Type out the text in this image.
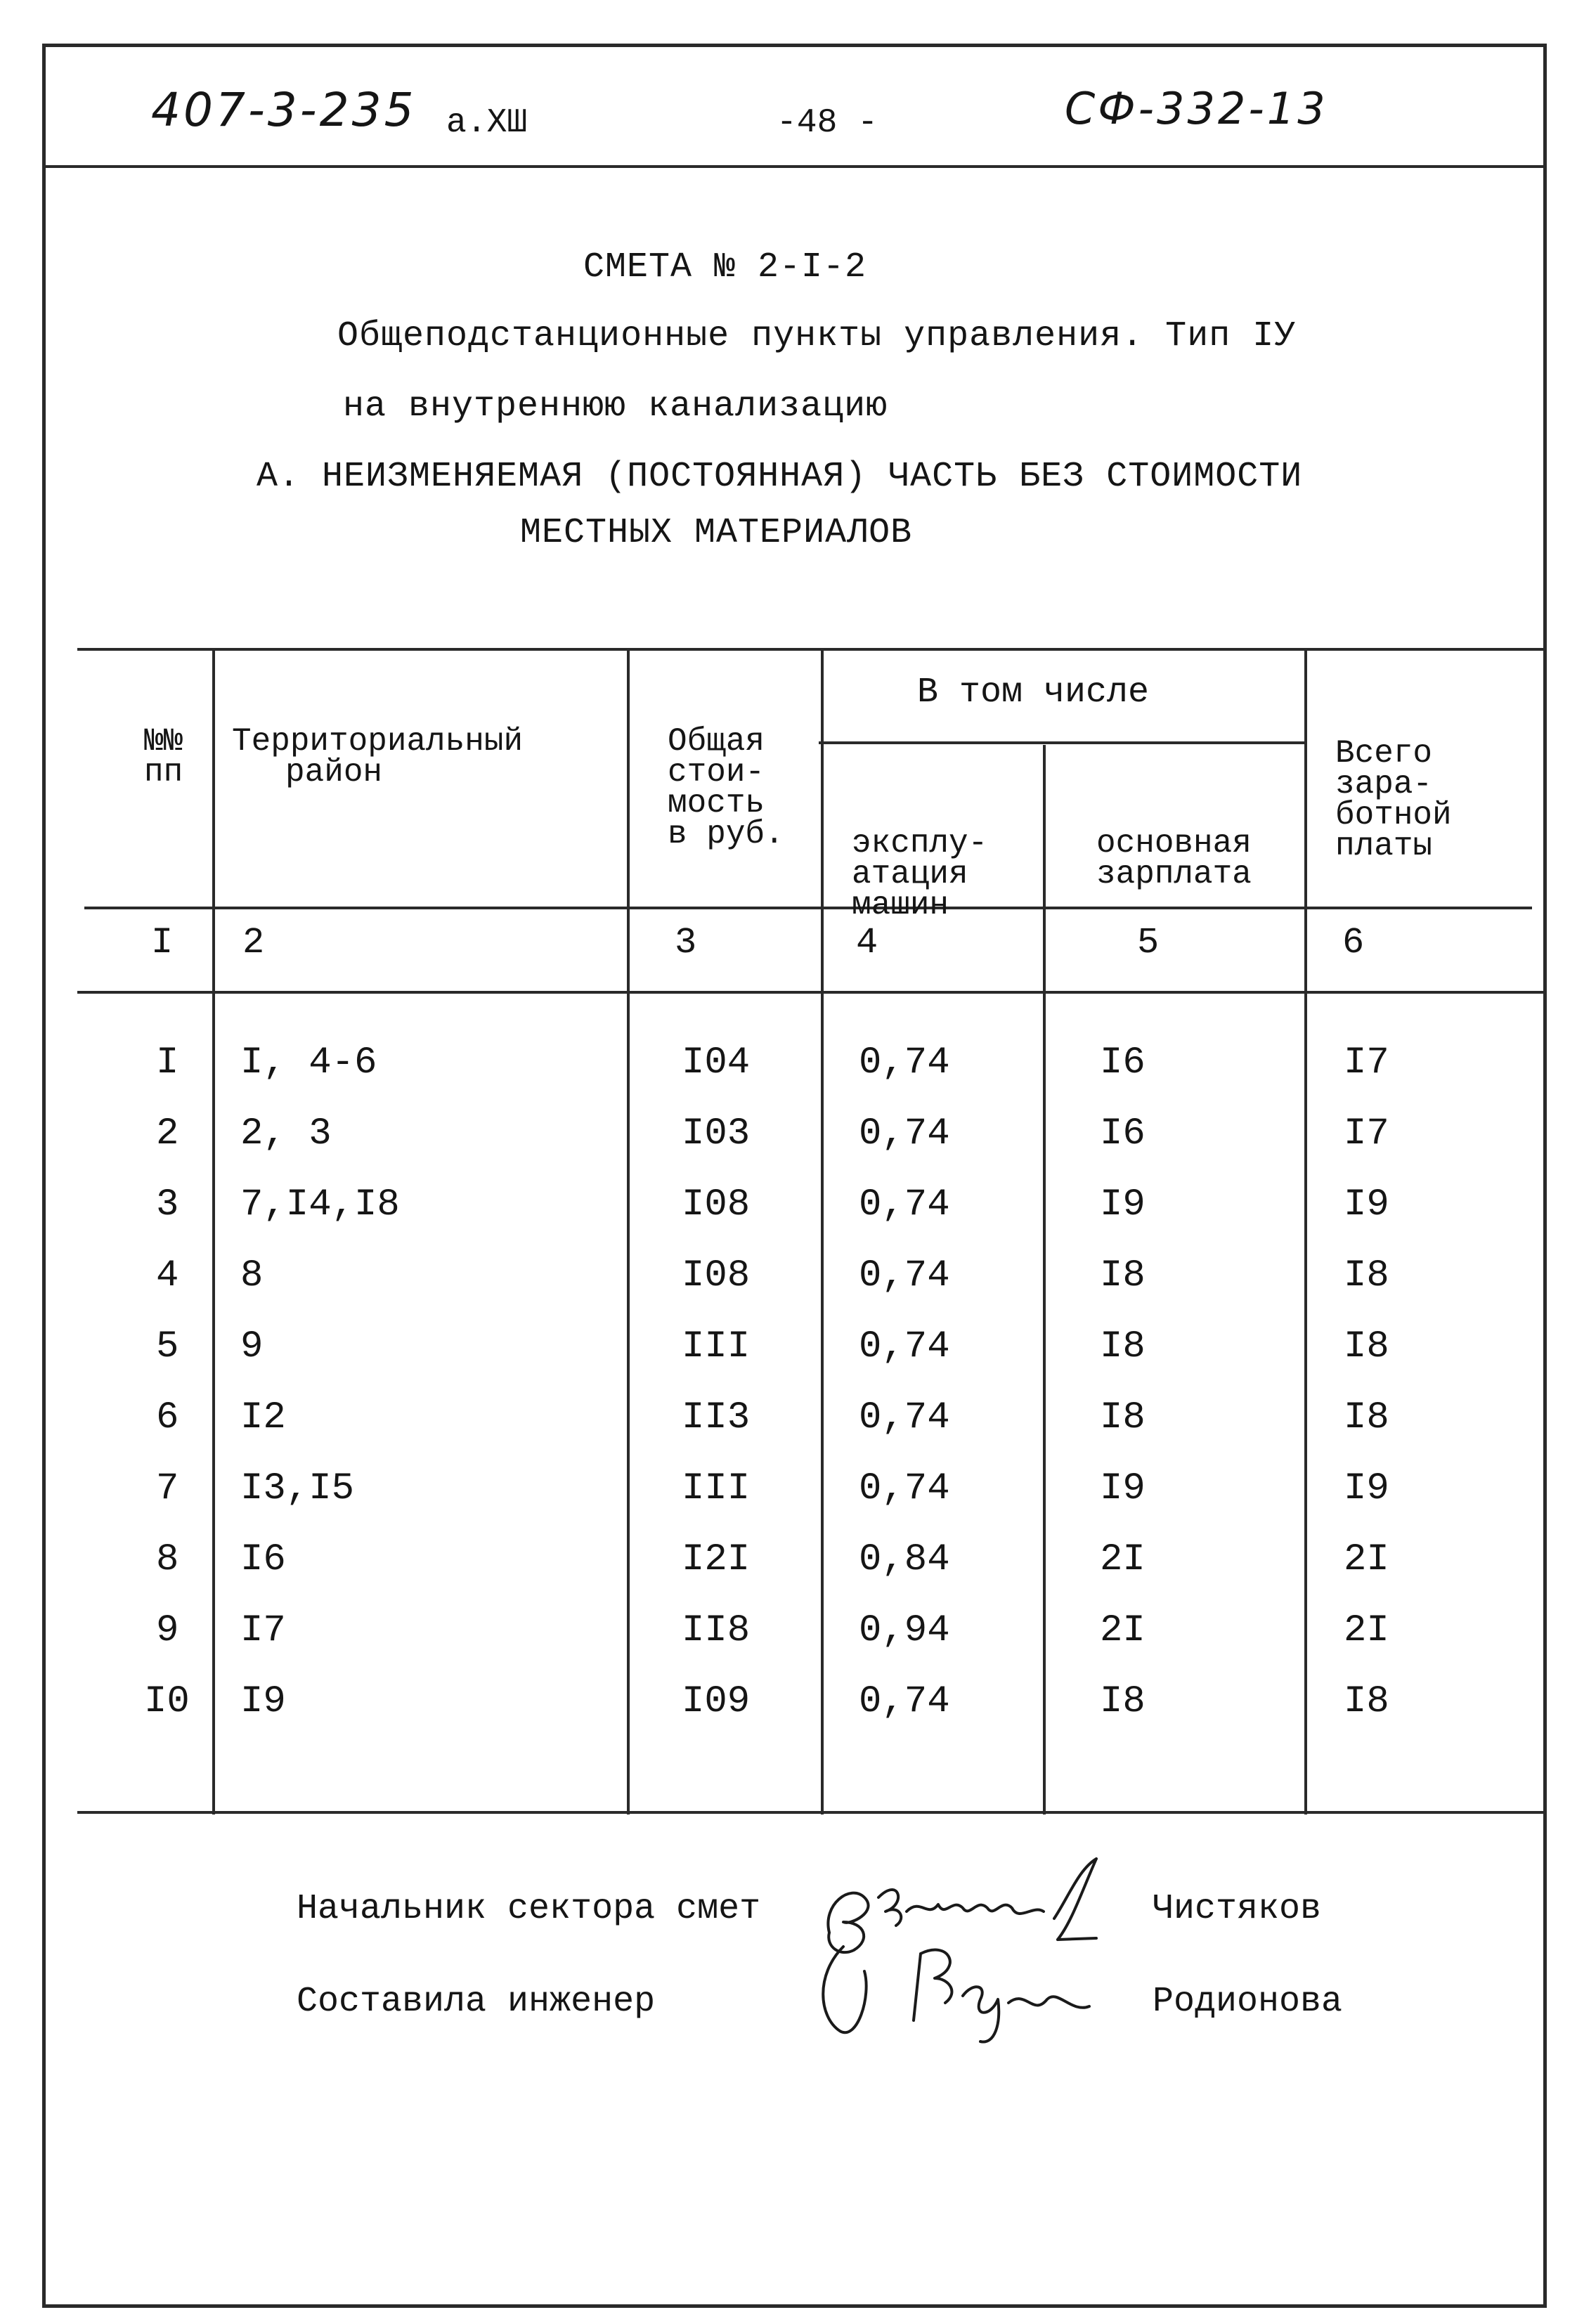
407-3-235 а.XШ	-48 -	СФ-332-13
СМЕТА № 2-I-2
Общеподстанционные пункты управления. Тип IУ
на внутреннюю канализацию
А. НЕИЗМЕНЯЕМАЯ (ПОСТОЯННАЯ) ЧАСТЬ БЕЗ СТОИМОСТИ
МЕСТНЫХ МАТЕРИАЛОВ

№№
пп

Территориальный
район

Общая
стои-
мость
в руб.

В том числе

эксплу-
атация
машин

основная
зарплата

Всего
зара-
ботной
платы

I 2	3	4	5	6
I I, 4-6	I04	0,74	I6	I7
2 2, 3	I03	0,74	I6	I7
3 7,I4,I8	I08	0,74	I9	I9
4 8	I08	0,74	I8	I8
5 9	III	0,74	I8	I8
6 I2	II3	0,74	I8	I8
7 I3,I5	III	0,74	I9	I9
8 I6	I2I	0,84	2I	2I
9 I7	II8	0,94	2I	2I
I0 I9	I09	0,74	I8	I8
Начальник сектора смет	Чистяков
Составила инженер	Родионова
